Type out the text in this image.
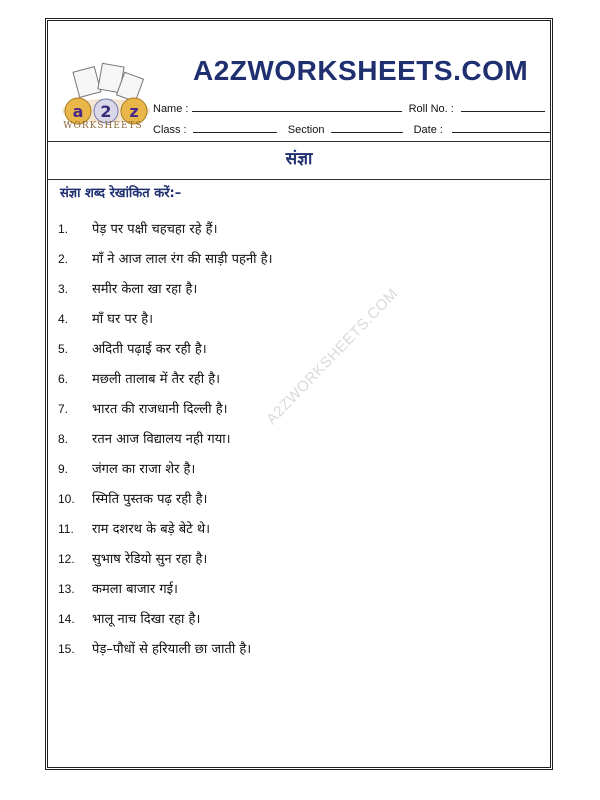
a 2 z
WORKSHEETS
A2ZWORKSHEETS.COM
Name :	Roll No. :
Class :	Section	Date :
संज्ञा
संज्ञा शब्द रेखांकित करें:–
1. पेड़ पर पक्षी चहचहा रहे हैं।
2. माँ ने आज लाल रंग की साड़ी पहनी है।
3. समीर केला खा रहा है।
4. माँ घर पर है।
5. अदिती पढ़ाई कर रही है।
6. मछली तालाब में तैर रही है।
7. भारत की राजधानी दिल्ली है।
8. रतन आज विद्यालय नही गया।
9. जंगल का राजा शेर है।
10. स्मिति पुस्तक पढ़ रही है।
11. राम दशरथ के बड़े बेटे थे।
12. सुभाष रेडियो सुन रहा है।
13. कमला बाजार गई।
14. भालू नाच दिखा रहा है।
15. पेड़–पौधों से हरियाली छा जाती है।
A2ZWORKSHEETS.COM
